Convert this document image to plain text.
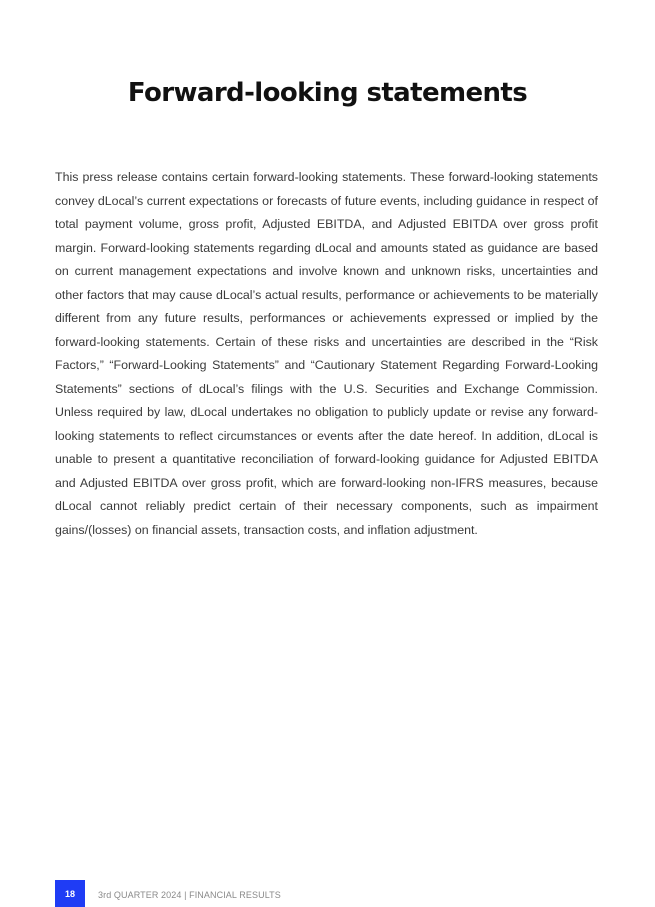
Forward-looking statements

This press release contains certain forward-looking statements. These forward-looking statements convey dLocal’s current expectations or forecasts of future events, including guidance in respect of total payment volume, gross profit, Adjusted EBITDA, and Adjusted EBITDA over gross profit margin. Forward-looking statements regarding dLocal and amounts stated as guidance are based on current management expectations and involve known and unknown risks, uncertainties and other factors that may cause dLocal’s actual results, performance or achievements to be materially different from any future results, performances or achievements expressed or implied by the forward-looking statements. Certain of these risks and uncertainties are described in the “Risk Factors,” “Forward-Looking Statements” and “Cautionary Statement Regarding Forward-Looking Statements” sections of dLocal’s filings with the U.S. Securities and Exchange Commission. Unless required by law, dLocal undertakes no obligation to publicly update or revise any forward-looking statements to reflect circumstances or events after the date hereof. In addition, dLocal is unable to present a quantitative reconciliation of forward-looking guidance for Adjusted EBITDA and Adjusted EBITDA over gross profit, which are forward-looking non-IFRS measures, because dLocal cannot reliably predict certain of their necessary components, such as impairment gains/(losses) on financial assets, transaction costs, and inflation adjustment.

18	3rd QUARTER 2024 | FINANCIAL RESULTS
